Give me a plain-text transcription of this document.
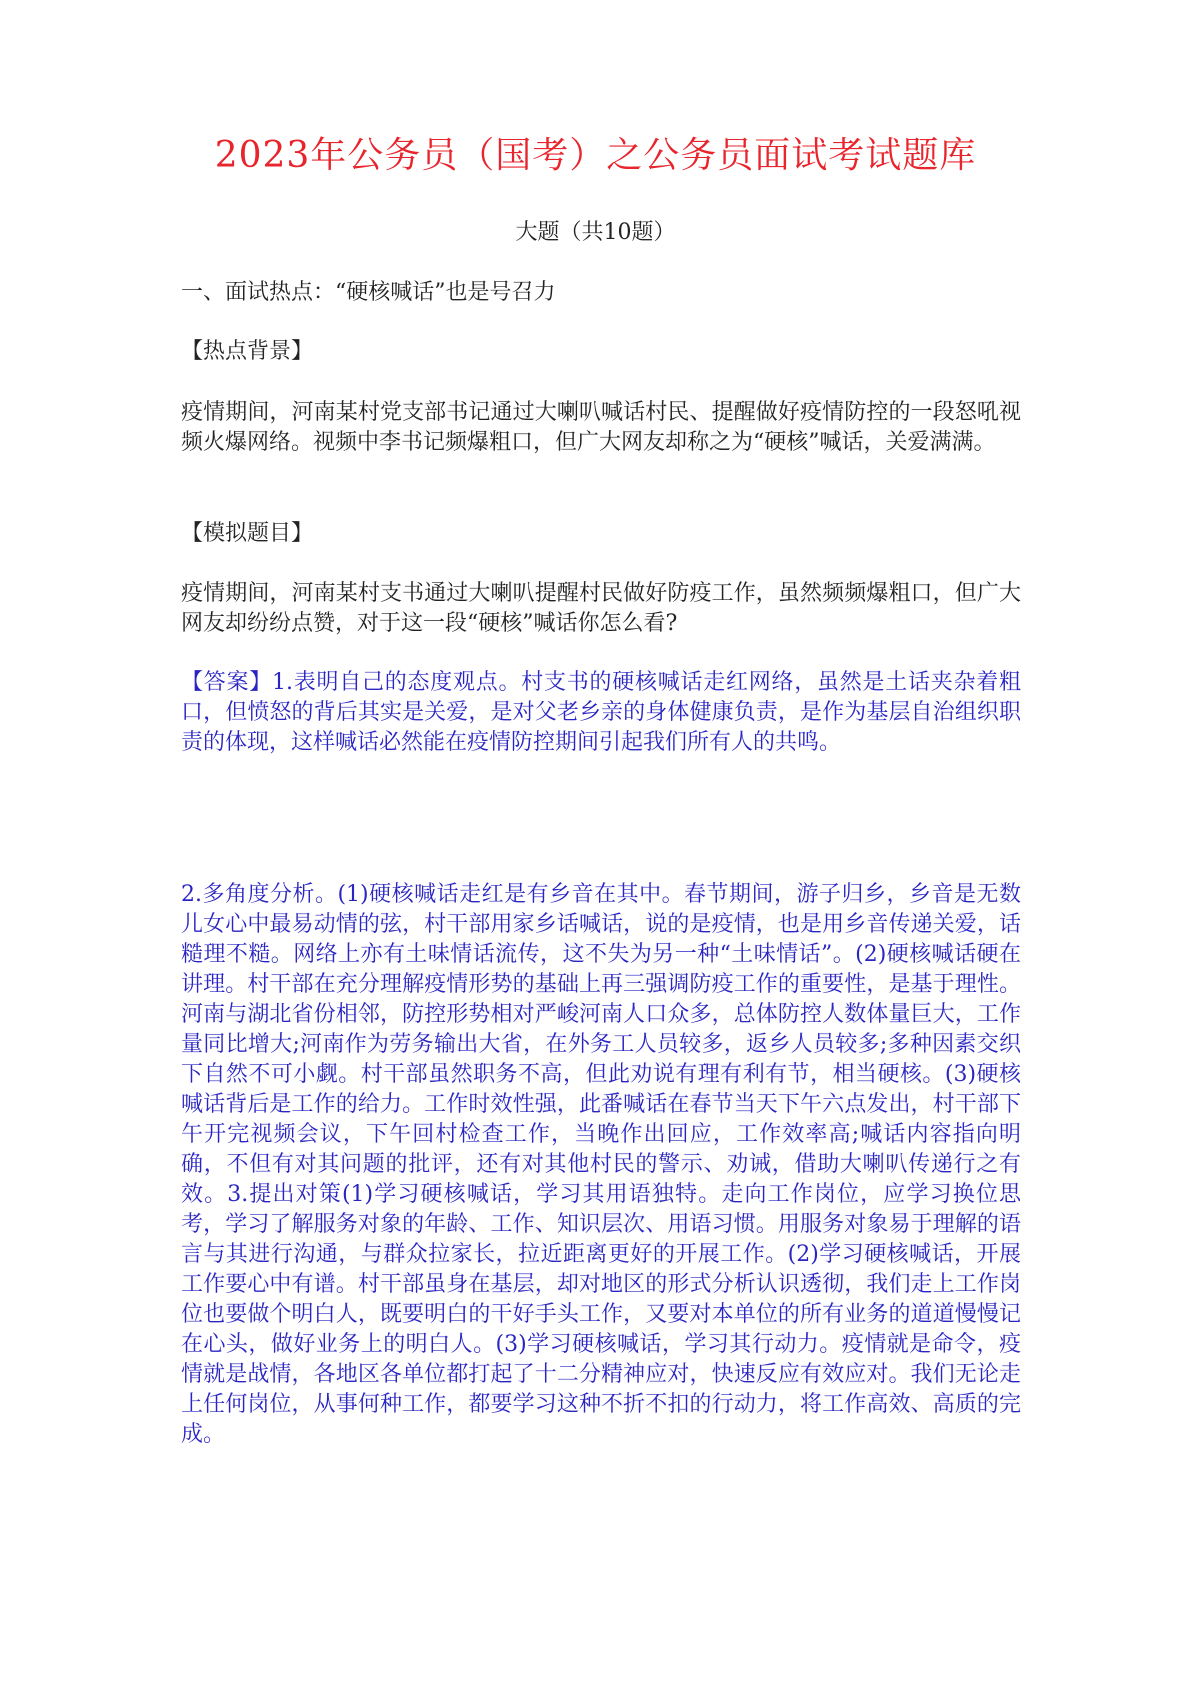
2023年公务员（国考）之公务员面试考试题库

大题（共10题）

一、面试热点：“硬核喊话”也是号召力

【热点背景】

疫情期间，河南某村党支部书记通过大喇叭喊话村民、提醒做好疫情防控的一段怒吼视频火爆网络。视频中李书记频爆粗口，但广大网友却称之为“硬核”喊话，关爱满满。

【模拟题目】

疫情期间，河南某村支书通过大喇叭提醒村民做好防疫工作，虽然频频爆粗口，但广大网友却纷纷点赞，对于这一段“硬核”喊话你怎么看?

【答案】1.表明自己的态度观点。村支书的硬核喊话走红网络，虽然是土话夹杂着粗口，但愤怒的背后其实是关爱，是对父老乡亲的身体健康负责，是作为基层自治组织职责的体现，这样喊话必然能在疫情防控期间引起我们所有人的共鸣。

2.多角度分析。(1)硬核喊话走红是有乡音在其中。春节期间，游子归乡，乡音是无数儿女心中最易动情的弦，村干部用家乡话喊话，说的是疫情，也是用乡音传递关爱，话糙理不糙。网络上亦有土味情话流传，这不失为另一种“土味情话”。(2)硬核喊话硬在讲理。村干部在充分理解疫情形势的基础上再三强调防疫工作的重要性，是基于理性。河南与湖北省份相邻，防控形势相对严峻河南人口众多，总体防控人数体量巨大，工作量同比增大;河南作为劳务输出大省，在外务工人员较多，返乡人员较多;多种因素交织下自然不可小觑。村干部虽然职务不高，但此劝说有理有利有节，相当硬核。(3)硬核喊话背后是工作的给力。工作时效性强，此番喊话在春节当天下午六点发出，村干部下午开完视频会议，下午回村检查工作，当晚作出回应，工作效率高;喊话内容指向明确，不但有对其问题的批评，还有对其他村民的警示、劝诫，借助大喇叭传递行之有效。3.提出对策(1)学习硬核喊话，学习其用语独特。走向工作岗位，应学习换位思考，学习了解服务对象的年龄、工作、知识层次、用语习惯。用服务对象易于理解的语言与其进行沟通，与群众拉家长，拉近距离更好的开展工作。(2)学习硬核喊话，开展工作要心中有谱。村干部虽身在基层，却对地区的形式分析认识透彻，我们走上工作岗位也要做个明白人，既要明白的干好手头工作，又要对本单位的所有业务的道道慢慢记在心头，做好业务上的明白人。(3)学习硬核喊话，学习其行动力。疫情就是命令，疫情就是战情，各地区各单位都打起了十二分精神应对，快速反应有效应对。我们无论走上任何岗位，从事何种工作，都要学习这种不折不扣的行动力，将工作高效、高质的完成。
